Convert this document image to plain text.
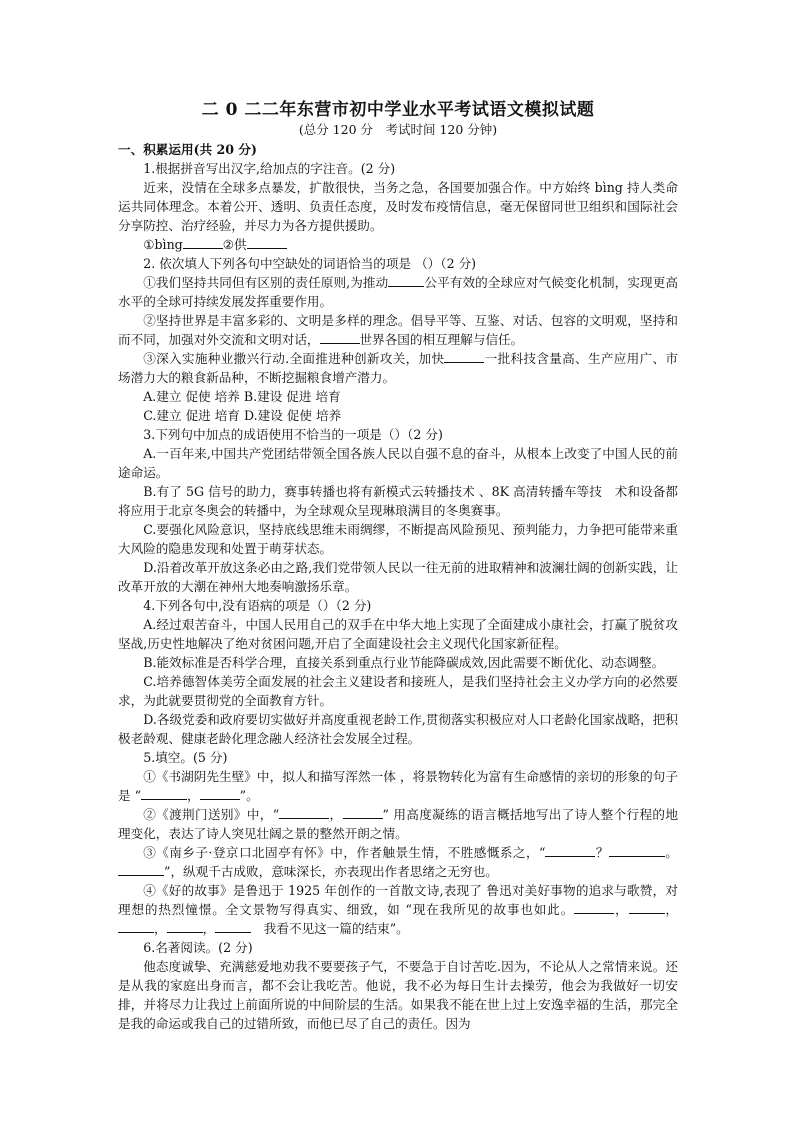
二 0 二二年东营市初中学业水平考试语文模拟试题

(总分 120 分　考试时间 120 分钟)

一、积累运用(共 20 分)

1.根据拼音写出汉字,给加点的字注音。(2 分)

近来，没情在全球多点暴发，扩散很快，当务之急，各国要加强合作。中方始终 bìng 持人类命运共同体理念。本着公开、透明、负责任态度，及时发布疫情信息，毫无保留同世卫组织和国际社会分享防控、治疗经验，并尽力为各方提供援助。

①bìng	②供

2. 依次填人下列各句中空缺处的词语恰当的项是 （）（2 分)

①我们坚持共同但有区别的责任原则,为推动	公平有效的全球应对气候变化机制，实现更高水平的全球可持续发展发挥重要作用。

②坚持世界是丰富多彩的、文明是多样的理念。倡导平等、互鉴、对话、包容的文明观，坚持和而不同，加强对外交流和文明对话，	世界各国的相互理解与信任。

③深入实施种业撒兴行动.全面推进种创新攻关，加快	一批科技含量高、生产应用广、市场潜力大的粮食新品种，不断挖掘粮食增产潜力。

A.建立 促使 培养 B.建设 促进 培育

C.建立 促进 培育 D.建设 促使 培养

3.下列句中加点的成语使用不恰当的一项是（）（2 分)

A.一百年来,中国共产党团结带领全国各族人民以自强不息的奋斗，从根本上改变了中国人民的前途命运。

B.有了 5G 信号的助力，赛事转播也将有新模式云转播技术 、8K 高清转播车等技　术和设备都将应用于北京冬奥会的转播中，为全球观众呈现琳琅满目的冬奥赛事。

C.要强化风险意识，坚持底线思维未雨绸缪，不断提高风险预见、预判能力，力争把可能带来重大风险的隐患发现和处置于萌芽状态。

D.沿着改革开放这条必由之路,我们党带领人民以一往无前的进取精神和波澜壮阔的创新实践，让改革开放的大潮在神州大地奏响激扬乐章。

4.下列各句中,没有语病的项是（）（2 分)

A.经过艰苦奋斗，中国人民用自己的双手在中华大地上实现了全面建成小康社会，打赢了脱贫攻坚战,历史性地解决了绝对贫困问题,开启了全面建设社会主义现代化国家新征程。

B.能效标准是否科学合理，直接关系到重点行业节能降碳成效,因此需要不断优化、动态调整。

C.培养德智体美劳全面发展的社会主义建设者和接班人，是我们坚持社会主义办学方向的必然要求，为此就要贯彻党的全面教育方针。

D.各级党委和政府要切实做好并高度重视老龄工作,贯彻落实积极应对人口老龄化国家战略，把积极老龄观、健康老龄化理念融人经济社会发展全过程。

5.填空。(5 分)

①《书湖阴先生壁》中，拟人和描写浑然一体 ，将景物转化为富有生命感情的亲切的形象的句子是 “	，	”。

②《渡荆门送别》中，“	，	” 用高度凝练的语言概括地写出了诗人整个行程的地理变化，表达了诗人突见壮阔之景的整然开朗之情。

③《南乡子·登京口北固亭有怀》中，作者触景生情，不胜感慨系之，“	？	。”，纵观千古成败，意味深长，亦表现出作者思绪之无穷也。

④《好的故事》是鲁迅于 1925 年创作的一首散文诗,表现了 鲁迅对美好事物的追求与歌赞，对理想的热烈憧憬。全文景物写得真实、细致，如 “现在我所见的故事也如此。	，	，，	，	　我看不见这一篇的结束”。

6.名著阅读。(2 分)

他态度诚挚、充满慈爱地劝我不要要孩子气，不要急于自讨苦吃.因为，不论从人之常情来说。还是从我的家庭出身而言，都不会让我吃苦。他说，我不必为每日生计去操劳，他会为我做好一切安排，并将尽力让我过上前面所说的中间阶层的生活。如果我不能在世上过上安逸幸福的生活，那完全是我的命运或我自己的过错所致，而他已尽了自己的责任。因为
